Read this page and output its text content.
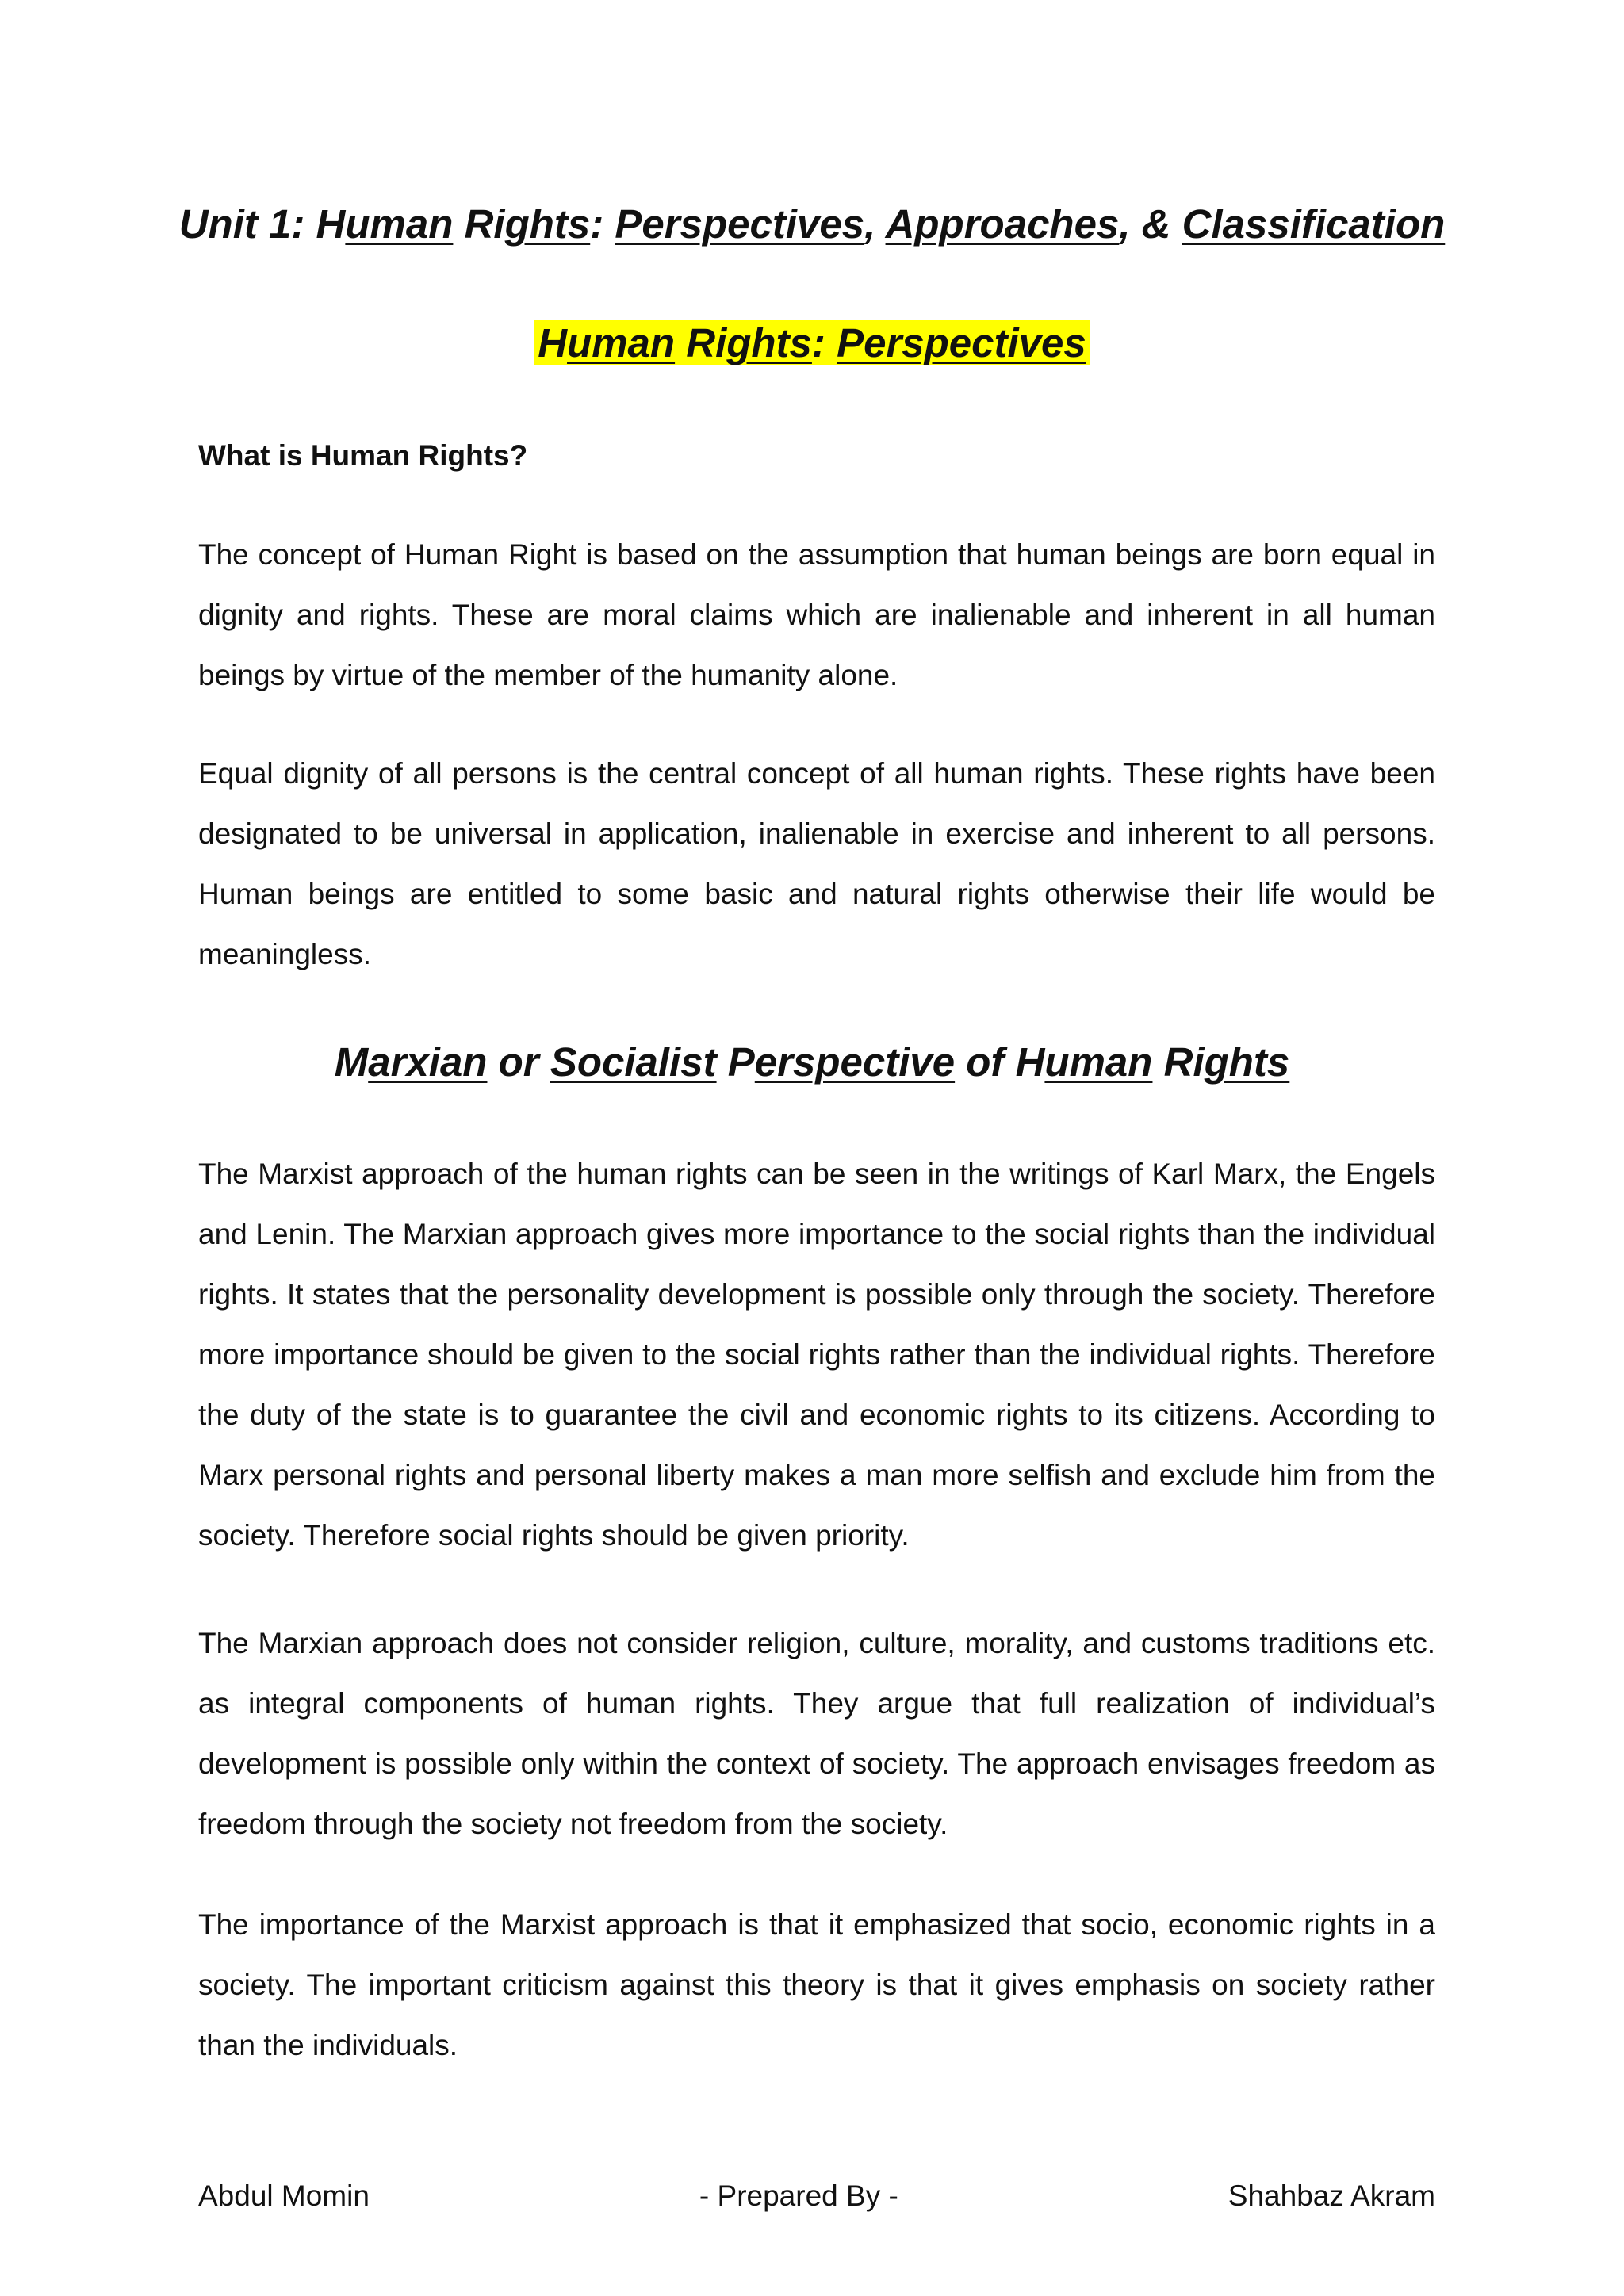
Unit 1: Human Rights: Perspectives, Approaches, & Classification
Human Rights: Perspectives

What is Human Rights?

The concept of Human Right is based on the assumption that human beings are born equal in dignity and rights. These are moral claims which are inalienable and inherent in all human beings by virtue of the member of the humanity alone.

Equal dignity of all persons is the central concept of all human rights. These rights have been designated to be universal in application, inalienable in exercise and inherent to all persons. Human beings are entitled to some basic and natural rights otherwise their life would be meaningless.

Marxian or Socialist Perspective of Human Rights

The Marxist approach of the human rights can be seen in the writings of Karl Marx, the Engels and Lenin. The Marxian approach gives more importance to the social rights than the individual rights. It states that the personality development is possible only through the society. Therefore more importance should be given to the social rights rather than the individual rights. Therefore the duty of the state is to guarantee the civil and economic rights to its citizens. According to Marx personal rights and personal liberty makes a man more selfish and exclude him from the society. Therefore social rights should be given priority.

The Marxian approach does not consider religion, culture, morality, and customs traditions etc. as integral components of human rights. They argue that full realization of individual’s development is possible only within the context of society. The approach envisages freedom as freedom through the society not freedom from the society.

The importance of the Marxist approach is that it emphasized that socio, economic rights in a society. The important criticism against this theory is that it gives emphasis on society rather than the individuals.

Abdul Momin	- Prepared By -	Shahbaz Akram
